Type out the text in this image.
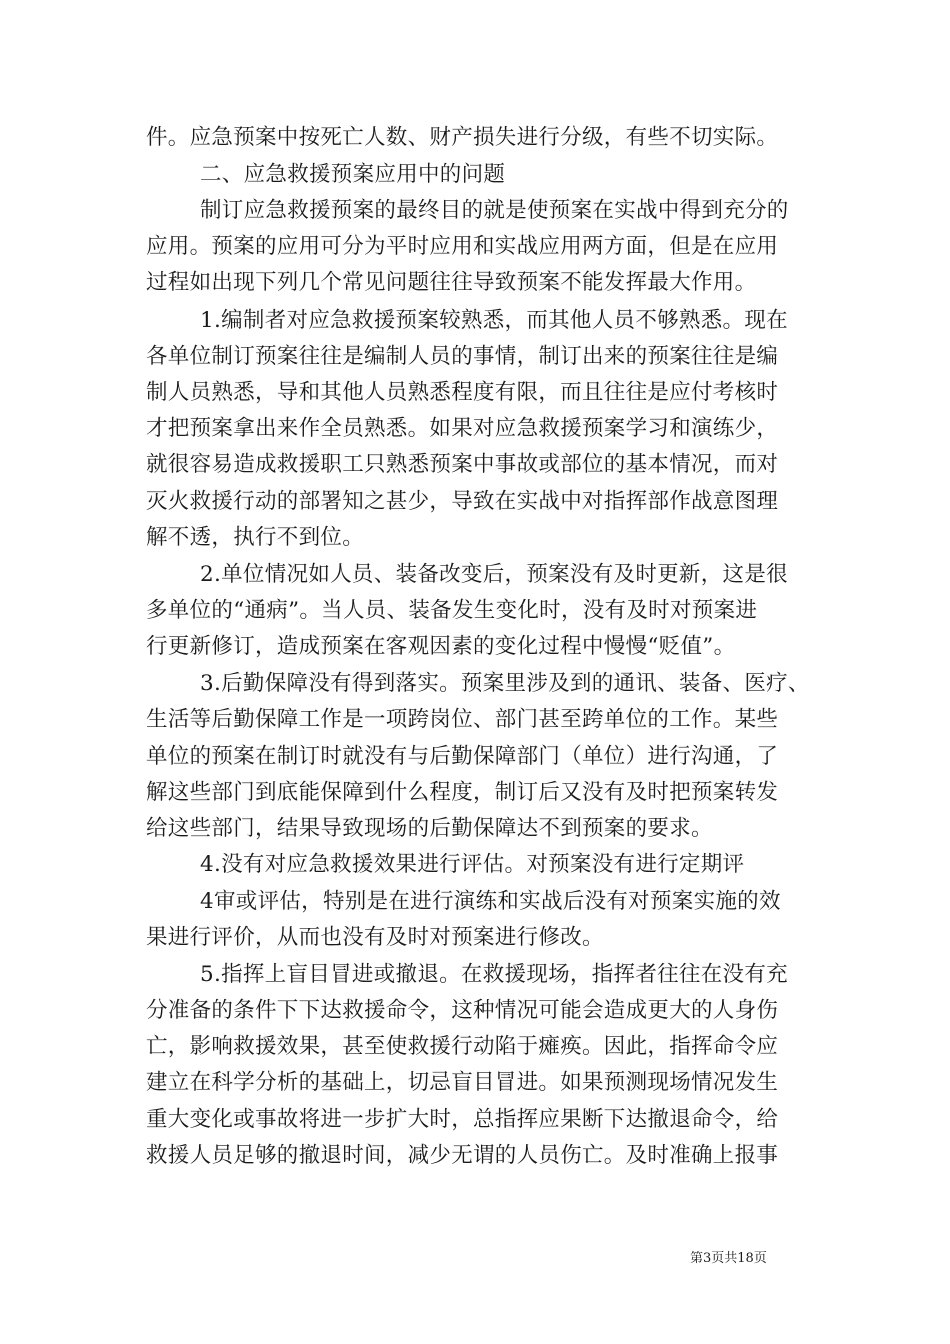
件。应急预案中按死亡人数、财产损失进行分级，有些不切实际。
二、应急救援预案应用中的问题
制订应急救援预案的最终目的就是使预案在实战中得到充分的
应用。预案的应用可分为平时应用和实战应用两方面，但是在应用
过程如出现下列几个常见问题往往导致预案不能发挥最大作用。
1.编制者对应急救援预案较熟悉，而其他人员不够熟悉。现在
各单位制订预案往往是编制人员的事情，制订出来的预案往往是编
制人员熟悉，导和其他人员熟悉程度有限，而且往往是应付考核时
才把预案拿出来作全员熟悉。如果对应急救援预案学习和演练少，
就很容易造成救援职工只熟悉预案中事故或部位的基本情况，而对
灭火救援行动的部署知之甚少，导致在实战中对指挥部作战意图理
解不透，执行不到位。
2.单位情况如人员、装备改变后，预案没有及时更新，这是很
多单位的“通病”。当人员、装备发生变化时，没有及时对预案进
行更新修订，造成预案在客观因素的变化过程中慢慢“贬值”。
3.后勤保障没有得到落实。预案里涉及到的通讯、装备、医疗、
生活等后勤保障工作是一项跨岗位、部门甚至跨单位的工作。某些
单位的预案在制订时就没有与后勤保障部门（单位）进行沟通，了
解这些部门到底能保障到什么程度，制订后又没有及时把预案转发
给这些部门，结果导致现场的后勤保障达不到预案的要求。
4.没有对应急救援效果进行评估。对预案没有进行定期评
4审或评估，特别是在进行演练和实战后没有对预案实施的效
果进行评价，从而也没有及时对预案进行修改。
5.指挥上盲目冒进或撤退。在救援现场，指挥者往往在没有充
分准备的条件下下达救援命令，这种情况可能会造成更大的人身伤
亡，影响救援效果，甚至使救援行动陷于瘫痪。因此，指挥命令应
建立在科学分析的基础上，切忌盲目冒进。如果预测现场情况发生
重大变化或事故将进一步扩大时，总指挥应果断下达撤退命令，给
救援人员足够的撤退时间，减少无谓的人员伤亡。及时准确上报事
第3页共18页
